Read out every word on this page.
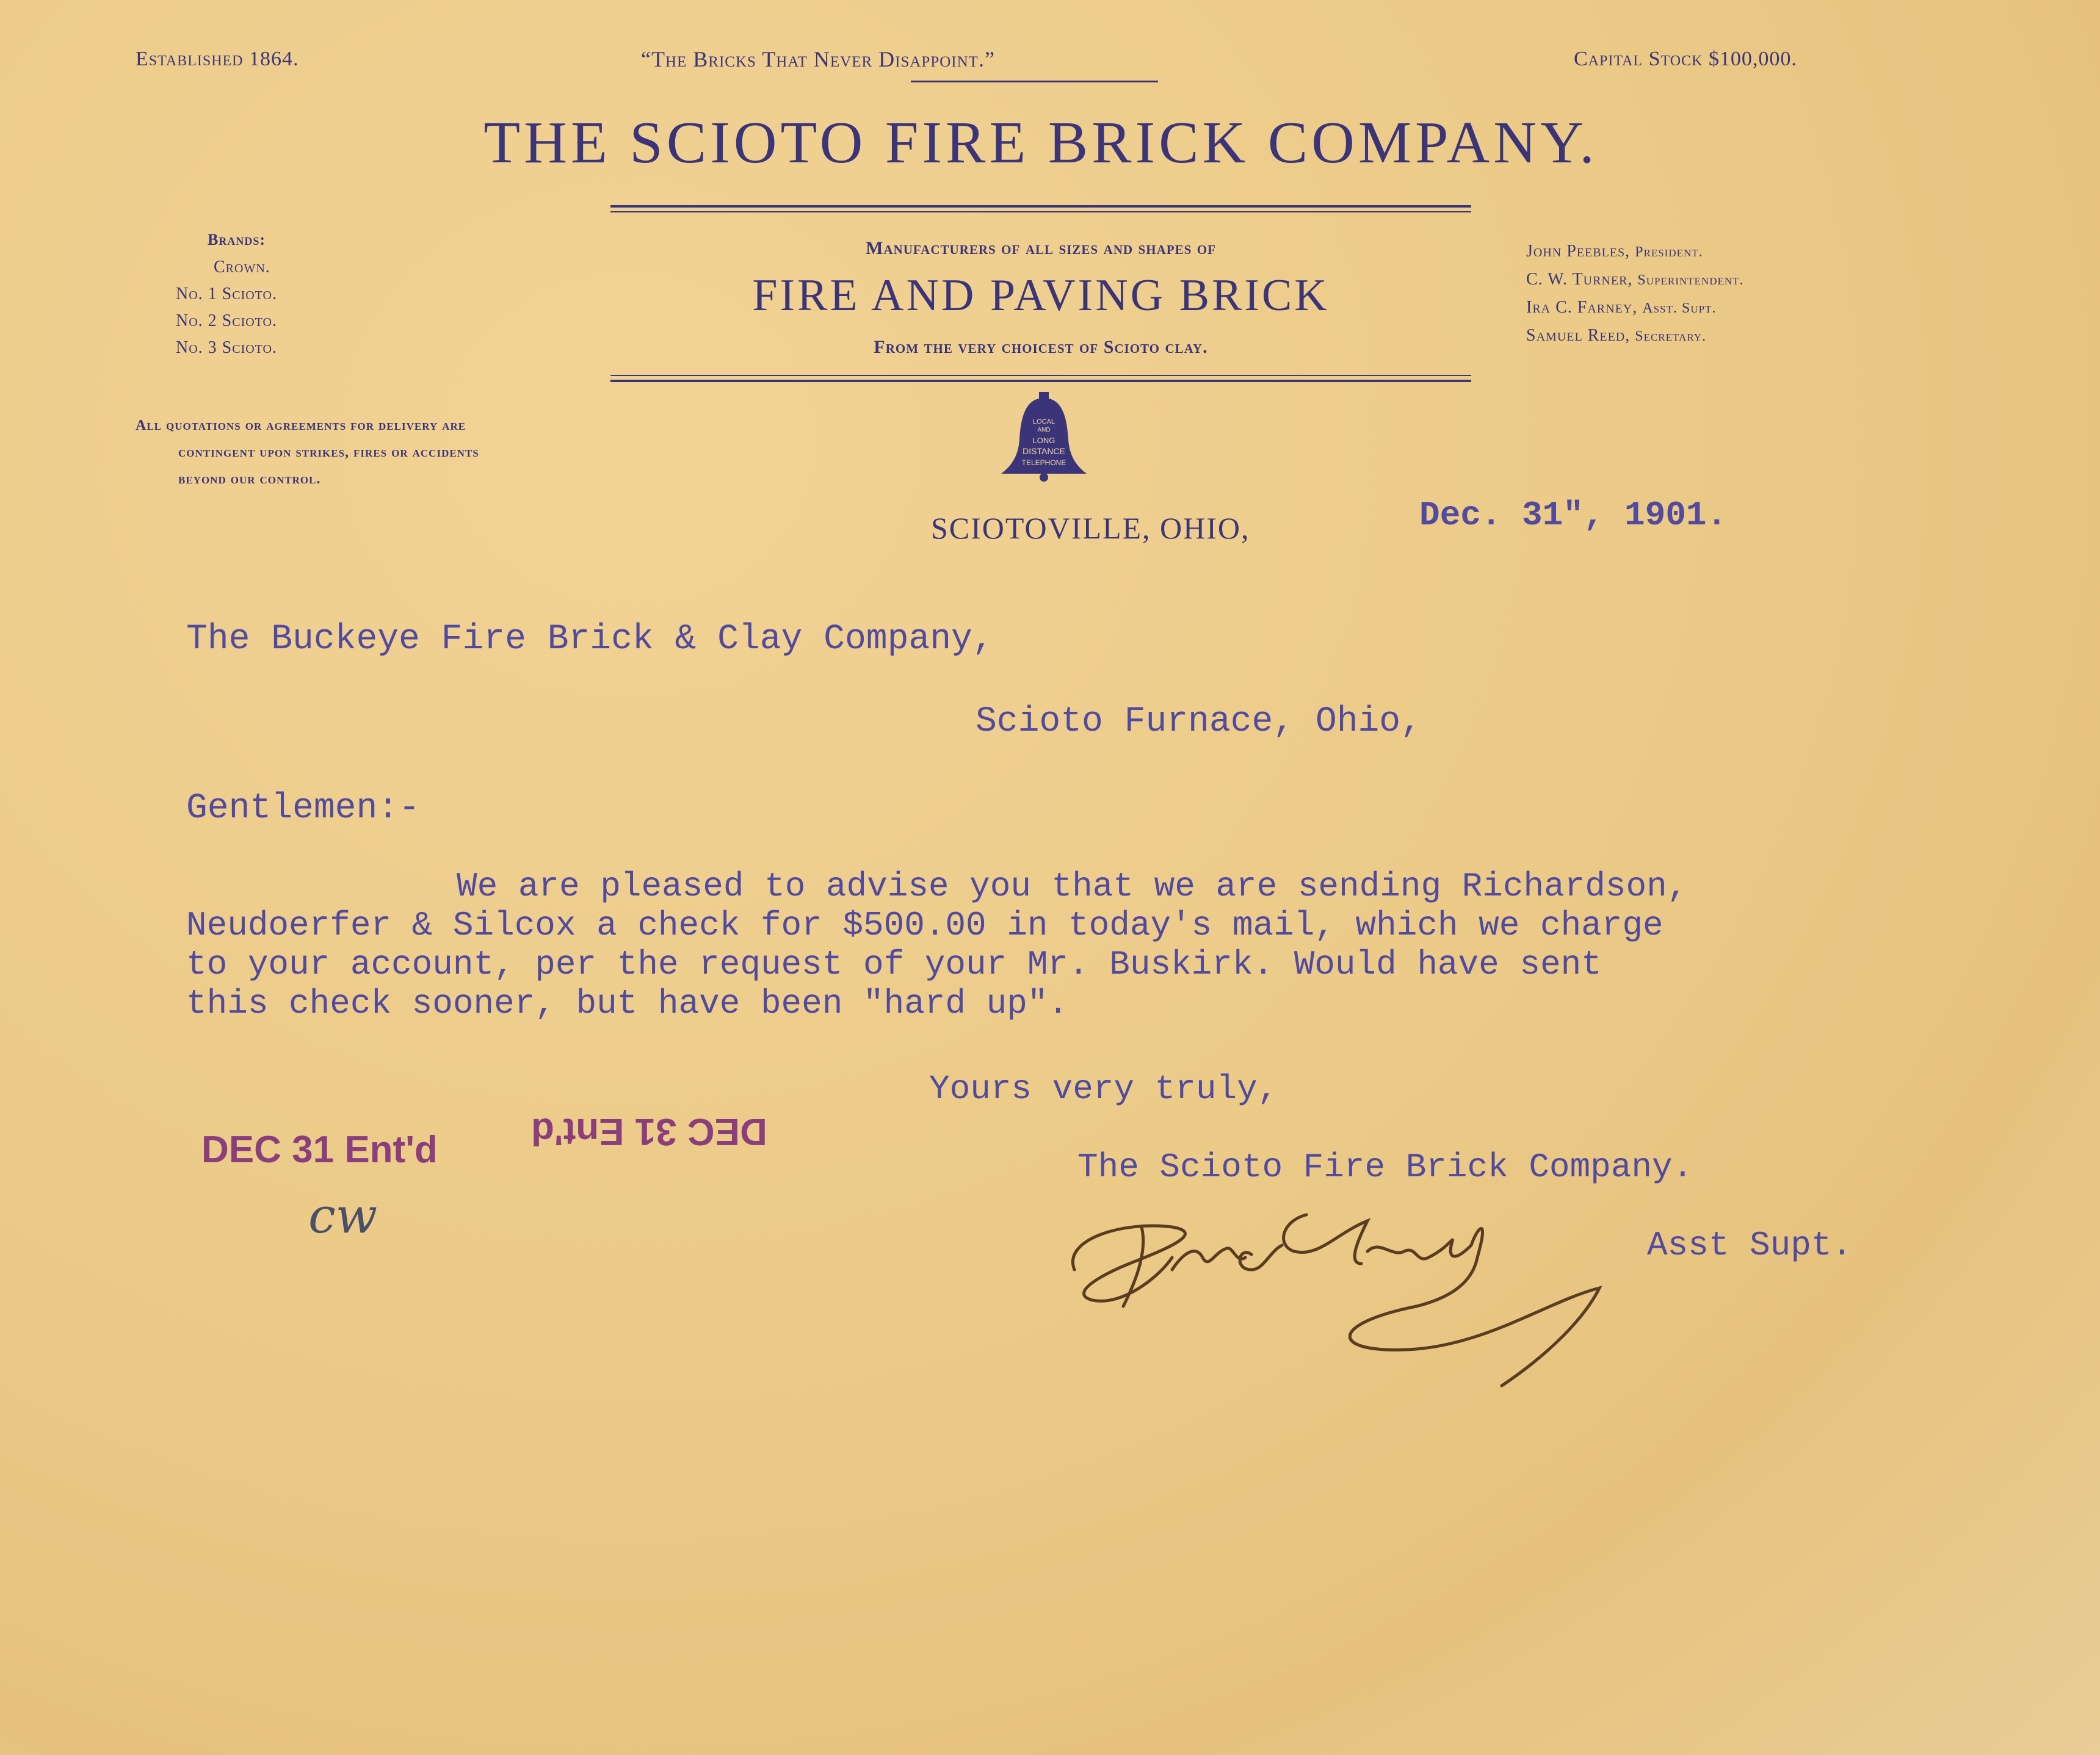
Established 1864.	“The Bricks That Never Disappoint.”	Capital Stock $100,000.
THE SCIOTO FIRE BRICK COMPANY.
Brands:
Crown.
No. 1 Scioto.
No. 2 Scioto.
No. 3 Scioto.
Manufacturers of all sizes and shapes of
FIRE AND PAVING BRICK
From the very choicest of Scioto clay.
John Peebles, President.
C. W. Turner, Superintendent.
Ira C. Farney, Asst. Supt.
Samuel Reed, Secretary.
All quotations or agreements for delivery are
contingent upon strikes, fires or accidents
beyond our control.
LOCAL
AND
LONG
DISTANCE
TELEPHONE
SCIOTOVILLE, OHIO,	Dec. 31", 1901.
The Buckeye Fire Brick & Clay Company,
Scioto Furnace, Ohio,
Gentlemen:-
We are pleased to advise you that we are sending Richardson,
Neudoerfer & Silcox a check for $500.00 in today's mail, which we charge
to your account, per the request of your Mr. Buskirk. Would have sent
this check sooner, but have been "hard up".
Yours very truly,
The Scioto Fire Brick Company.
Ira C Farney	Asst Supt.
DEC 31 Ent'd DEC 31 Ent'd
cw
